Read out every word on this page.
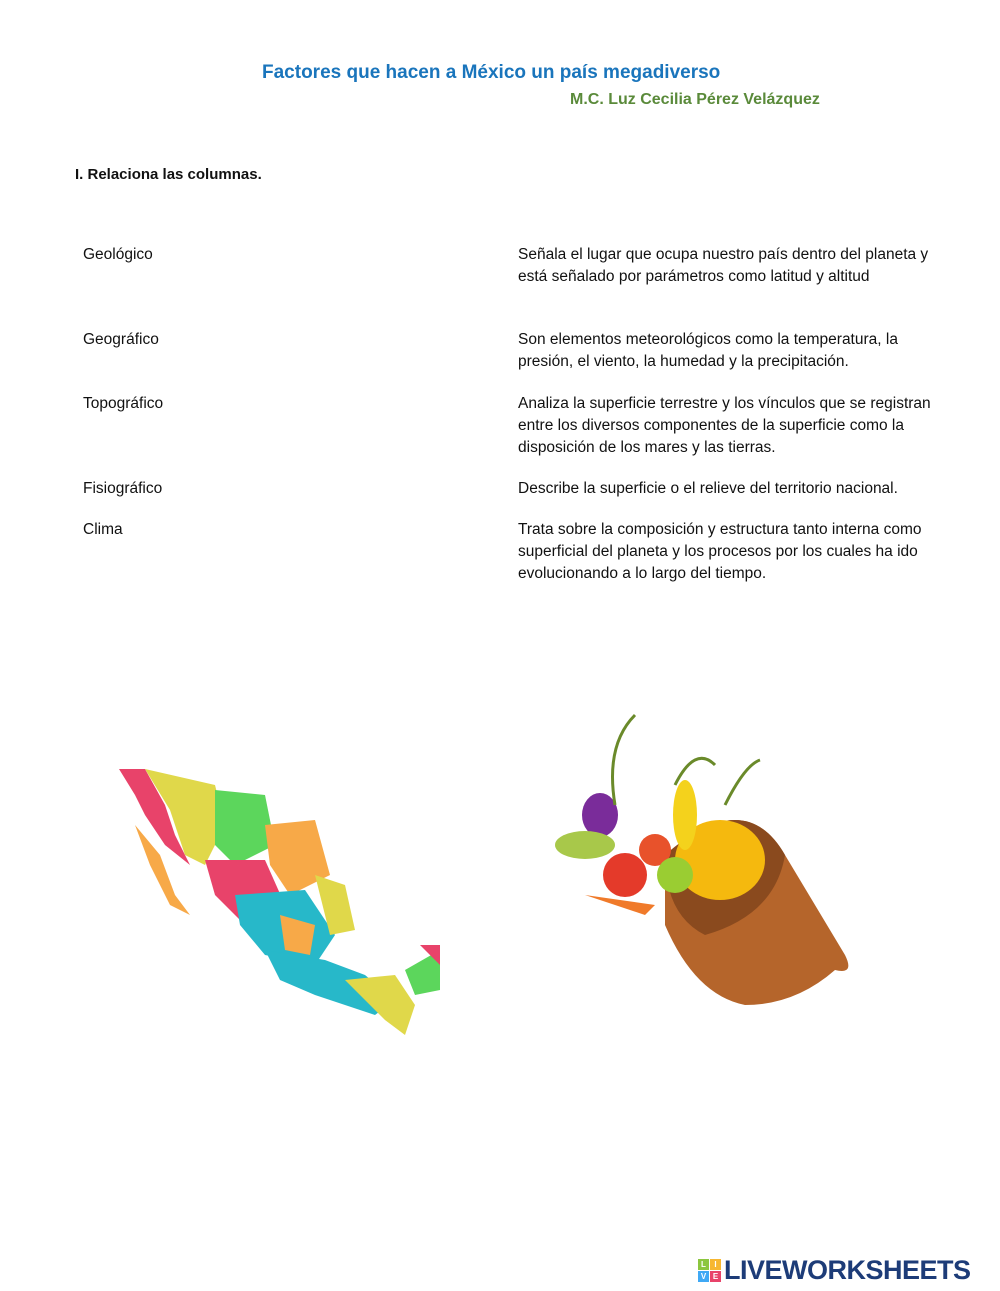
Factores que hacen a México un país megadiverso
M.C. Luz Cecilia Pérez Velázquez
I. Relaciona las columnas.
Geológico
Geográfico
Topográfico
Fisiográfico
Clima
Señala el lugar que ocupa nuestro país dentro del planeta y está señalado por parámetros como latitud y altitud
Son elementos meteorológicos como la temperatura, la presión, el viento, la humedad y la precipitación.
Analiza la superficie terrestre y los vínculos que se registran entre los diversos componentes de la superficie como la disposición de los mares y las tierras.
Describe la superficie o el relieve del territorio nacional.
Trata sobre la composición y estructura tanto interna como superficial del planeta y los procesos por los cuales ha ido evolucionando a lo largo del tiempo.
L	I
V E LIVEWORKSHEETS
